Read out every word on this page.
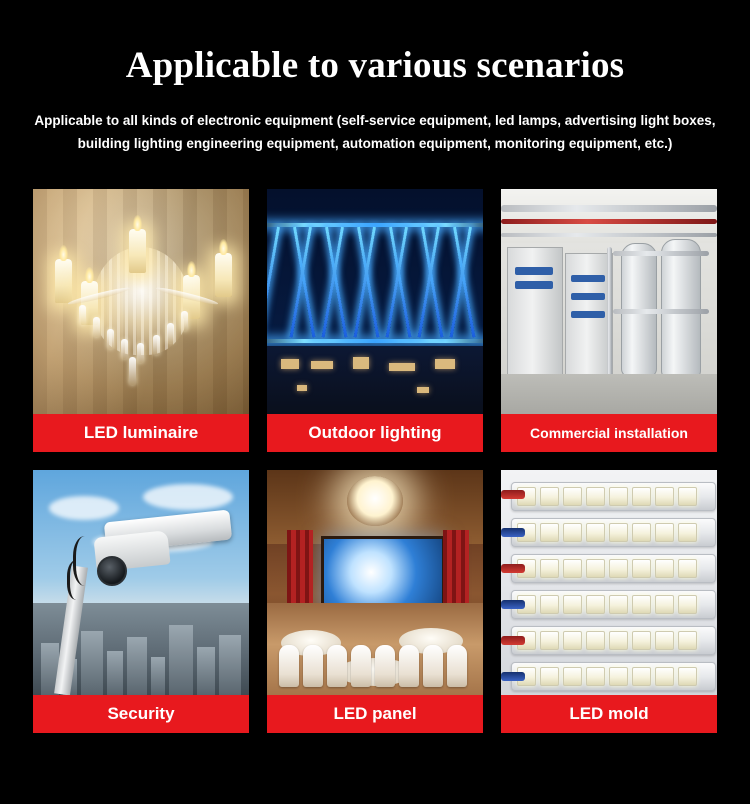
Applicable to various scenarios
Applicable to all kinds of electronic equipment (self-service equipment, led lamps, advertising light boxes, building lighting engineering equipment, automation equipment, monitoring equipment, etc.)
LED luminaire	Outdoor lighting	Commercial installation
Security	LED panel	LED mold
